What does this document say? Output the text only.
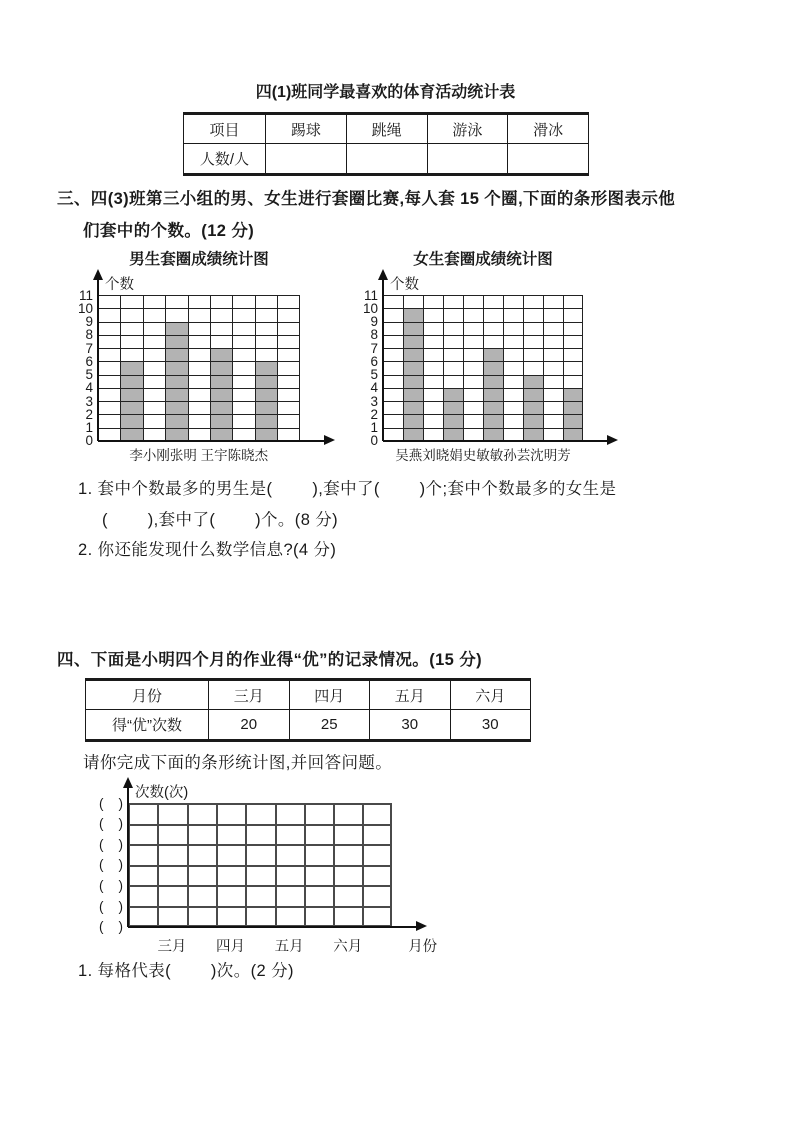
四(1)班同学最喜欢的体育活动统计表
项目	踢球	跳绳	游泳	滑冰
人数/人				
三、四(3)班第三小组的男、女生进行套圈比赛,每人套 15 个圈,下面的条形图表示他
们套中的个数。(12 分)
男生套圈成绩统计图	女生套圈成绩统计图
个数
李小刚张明 王宇陈晓杰
11
10
9
8
7
6
5
4
3
2
1
0
个数
吴燕刘晓娟史敏敏孙芸沈明芳
11
10
9
8
7
6
5
4
3
2
1
0
1. 套中个数最多的男生是(        ),套中了(        )个;套中个数最多的女生是
(        ),套中了(        )个。(8 分)
2. 你还能发现什么数学信息?(4 分)
四、下面是小明四个月的作业得“优”的记录情况。(15 分)
月份	三月	四月	五月	六月
得“优”次数	20	25	30	30
请你完成下面的条形统计图,并回答问题。
次数(次)
(    )
(    )
(    )
(    )
(    )
(    )
(    )
三月	四月	五月	六月	月份
1. 每格代表(        )次。(2 分)
